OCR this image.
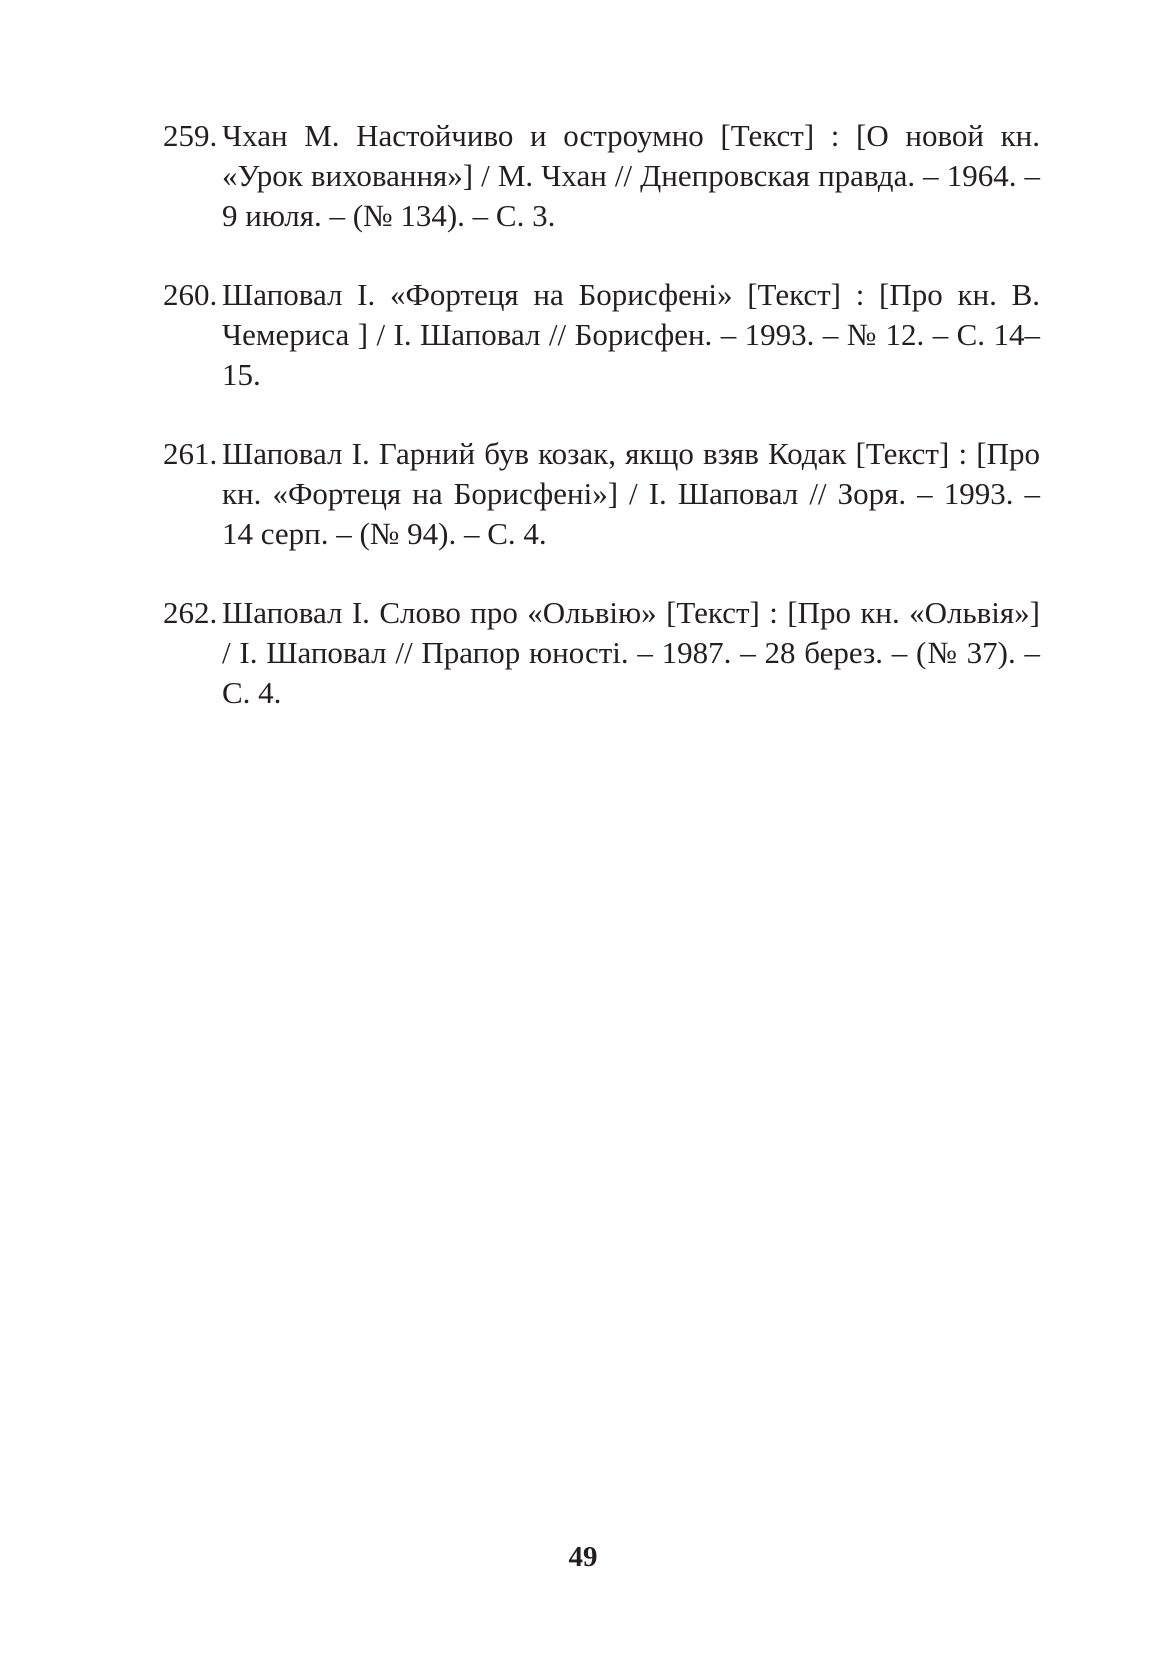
259. Чхан М. Настойчиво и остроумно [Текст] : [О новой кн. «Урок виховання»] / М. Чхан // Днепровская правда. – 1964. – 9 июля. – (№ 134). – С. 3.
260. Шаповал І. «Фортеця на Борисфені» [Текст] : [Про кн. В. Чемериса ] / І. Шаповал // Борисфен. – 1993. – № 12. – С. 14–15.
261. Шаповал І. Гарний був козак, якщо взяв Кодак [Текст] : [Про кн. «Фортеця на Борисфені»] / І. Шаповал // Зоря. – 1993. – 14 серп. – (№ 94). – С. 4.
262. Шаповал І. Слово про «Ольвію» [Текст] : [Про кн. «Ольвія»] / І. Шаповал // Прапор юності. – 1987. – 28 берез. – (№ 37). – С. 4.
49
